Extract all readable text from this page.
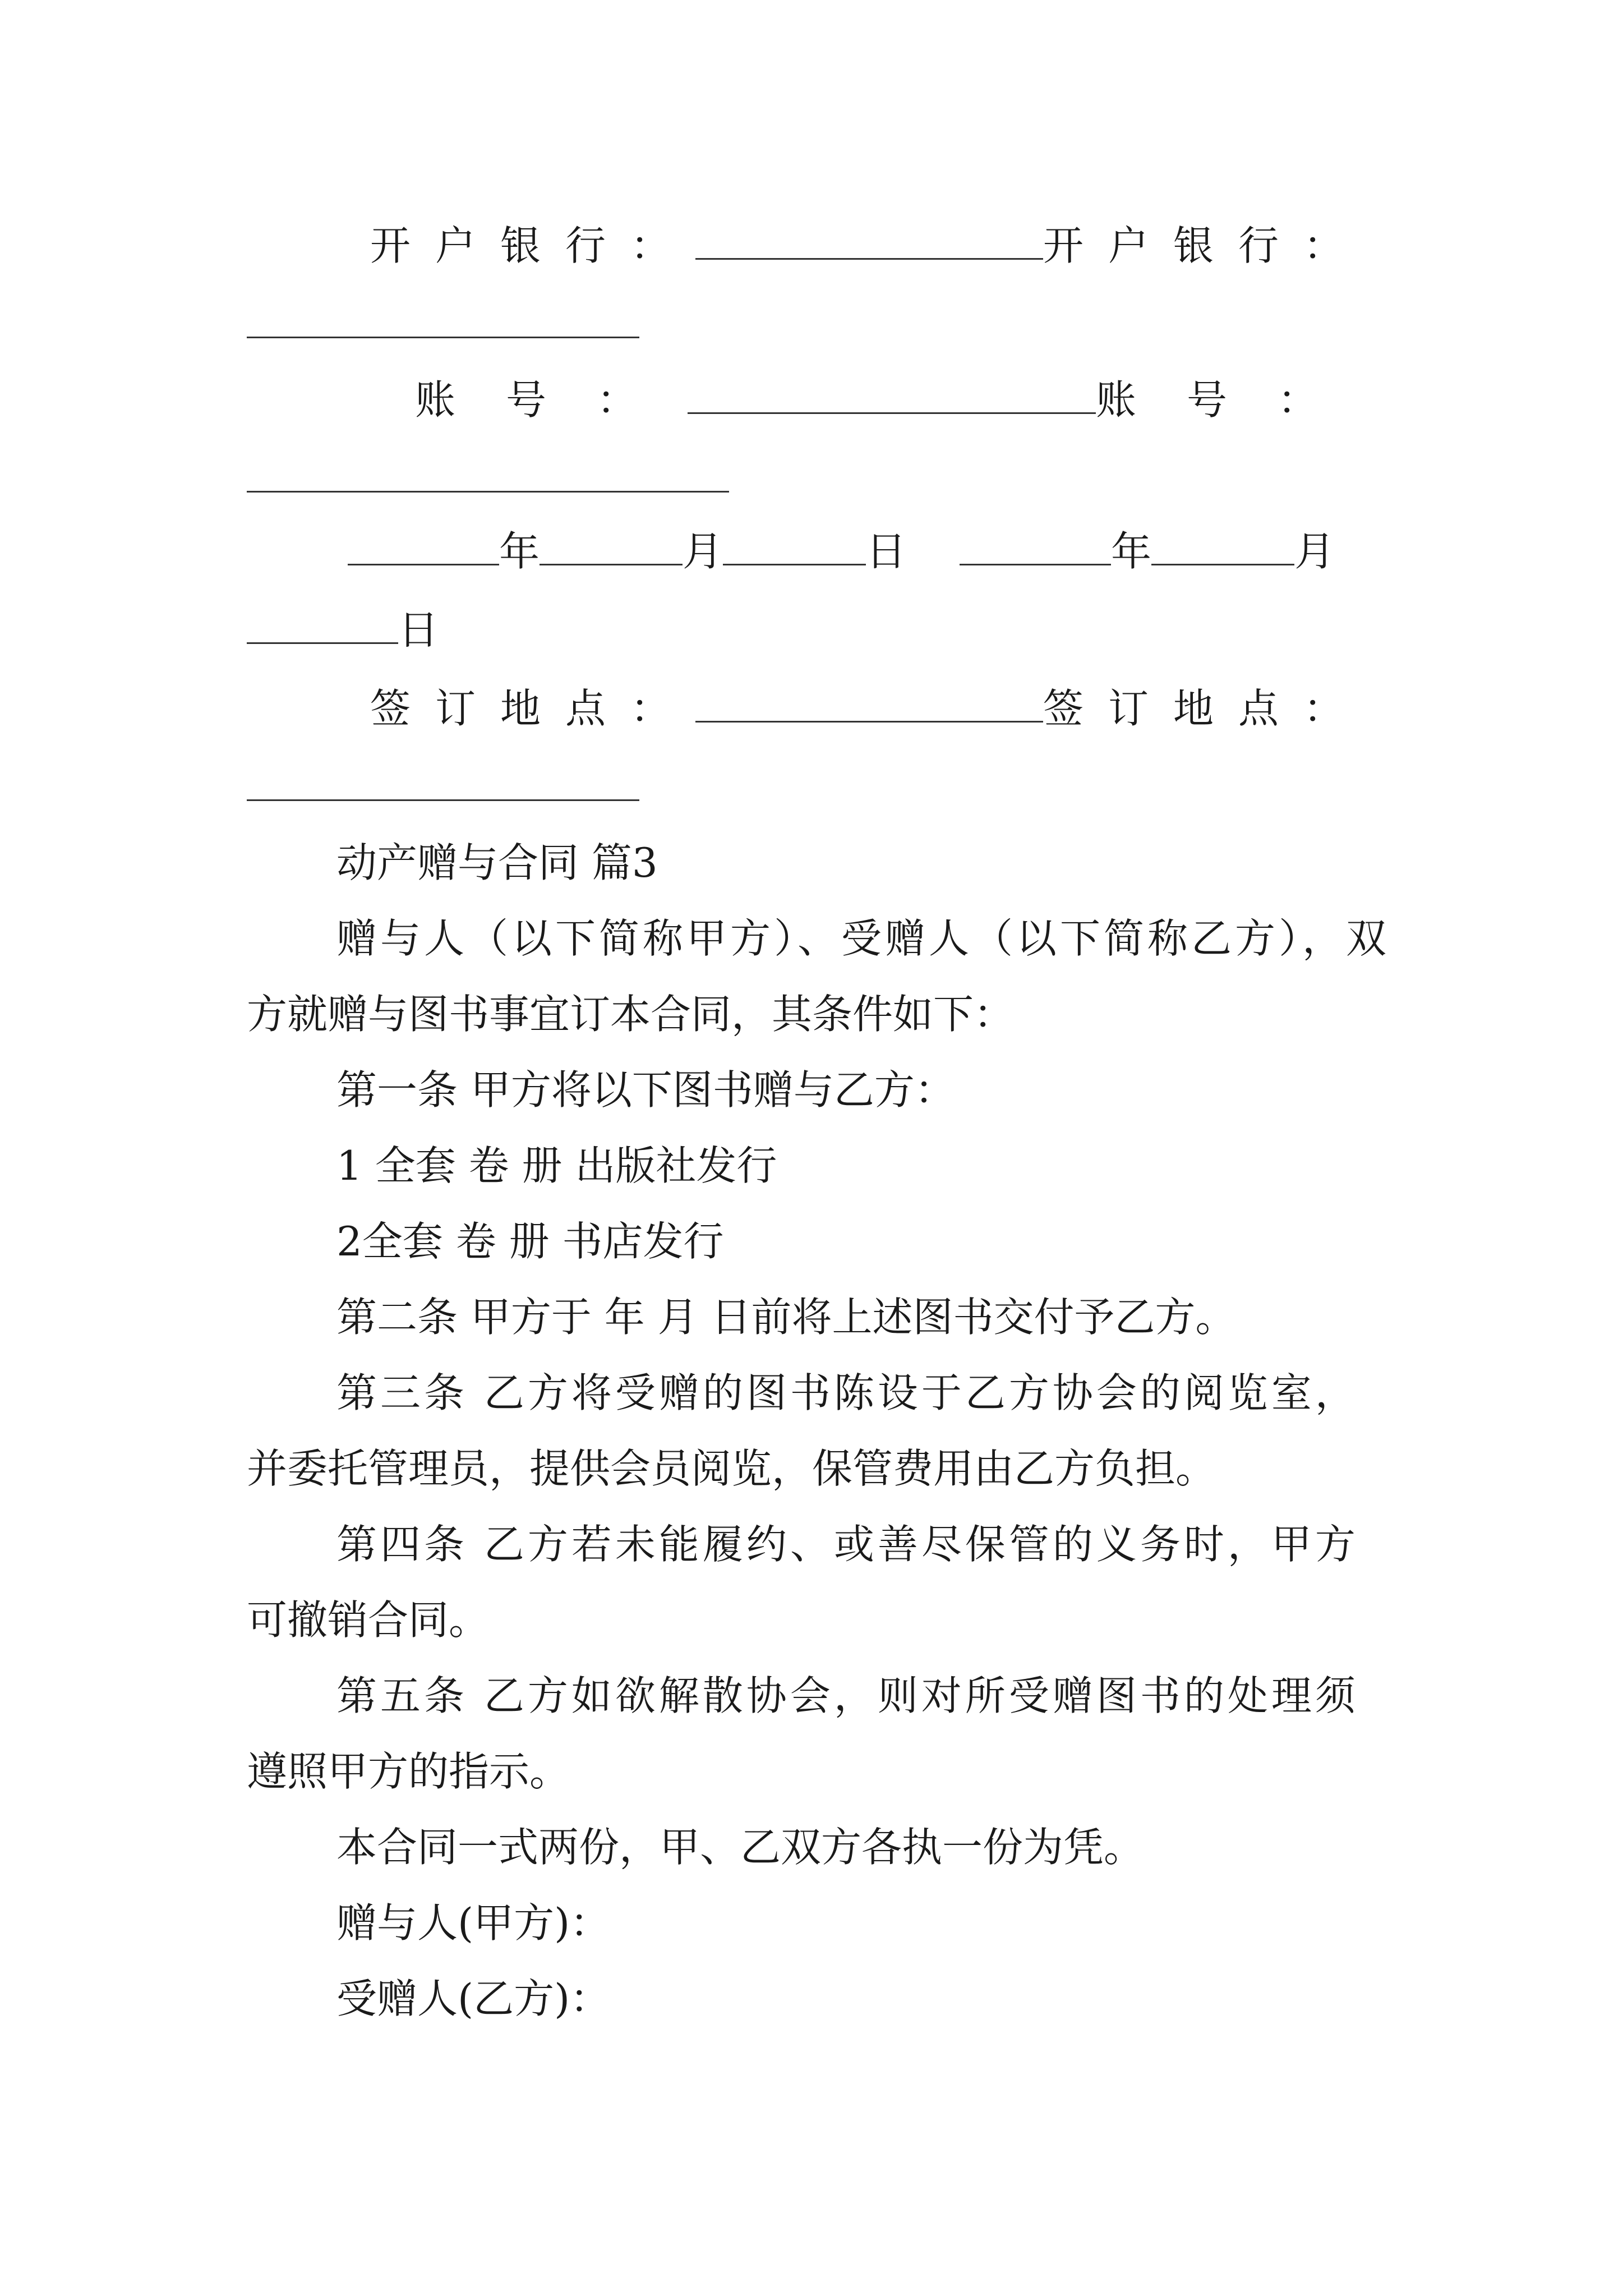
开户银行：	开户银行：
账号：	账号：
年	月	日	年	月
日
签订地点：	签订地点：
动产赠与合同 篇3
赠与人（以下简称甲方）、受赠人（以下简称乙方），双
方就赠与图书事宜订本合同，其条件如下：
第一条 甲方将以下图书赠与乙方：
1 全套 卷 册 出版社发行
2全套 卷 册 书店发行
第二条 甲方于 年 月 日前将上述图书交付予乙方。
第三条 乙方将受赠的图书陈设于乙方协会的阅览室，
并委托管理员，提供会员阅览，保管费用由乙方负担。
第四条 乙方若未能履约、或善尽保管的义务时，甲方
可撤销合同。
第五条 乙方如欲解散协会，则对所受赠图书的处理须
遵照甲方的指示。
本合同一式两份，甲、乙双方各执一份为凭。
赠与人(甲方)：
受赠人(乙方)：
